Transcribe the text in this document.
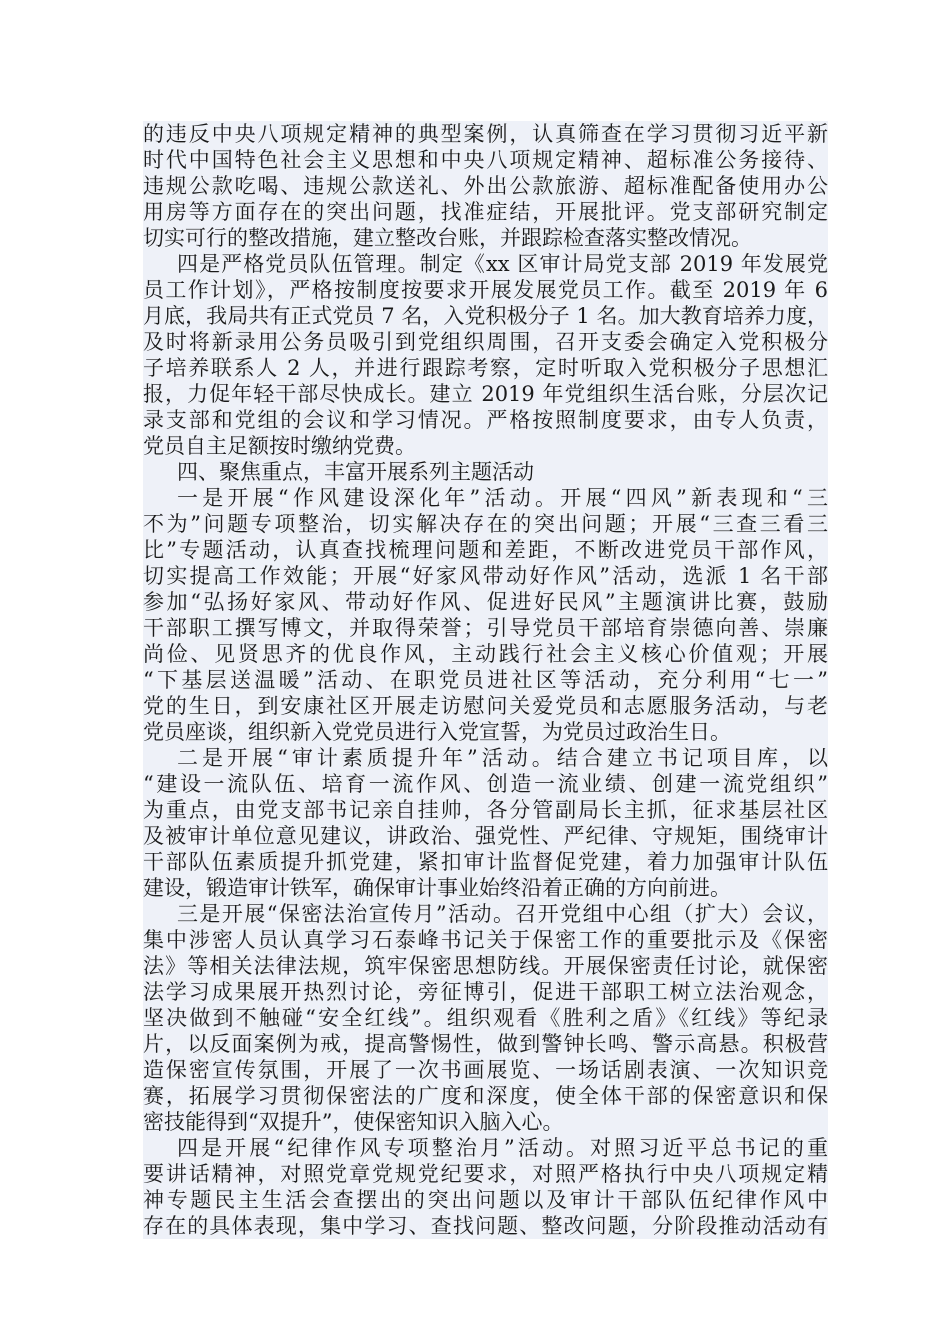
的违反中央八项规定精神的典型案例，认真筛查在学习贯彻习近平新
时代中国特色社会主义思想和中央八项规定精神、超标准公务接待、
违规公款吃喝、违规公款送礼、外出公款旅游、超标准配备使用办公
用房等方面存在的突出问题，找准症结，开展批评。党支部研究制定
切实可行的整改措施，建立整改台账，并跟踪检查落实整改情况。
四是严格党员队伍管理。制定《xx 区审计局党支部 2019 年发展党
员工作计划》，严格按制度按要求开展发展党员工作。截至 2019 年 6
月底，我局共有正式党员 7 名，入党积极分子 1 名。加大教育培养力度，
及时将新录用公务员吸引到党组织周围，召开支委会确定入党积极分
子培养联系人 2 人，并进行跟踪考察，定时听取入党积极分子思想汇
报，力促年轻干部尽快成长。建立 2019 年党组织生活台账，分层次记
录支部和党组的会议和学习情况。严格按照制度要求，由专人负责，
党员自主足额按时缴纳党费。
四、聚焦重点，丰富开展系列主题活动
一是开展“作风建设深化年”活动。开展“四风”新表现和“三
不为”问题专项整治，切实解决存在的突出问题；开展“三查三看三
比”专题活动，认真查找梳理问题和差距，不断改进党员干部作风，
切实提高工作效能；开展“好家风带动好作风”活动，选派 1 名干部
参加“弘扬好家风、带动好作风、促进好民风”主题演讲比赛，鼓励
干部职工撰写博文，并取得荣誉；引导党员干部培育崇德向善、崇廉
尚俭、见贤思齐的优良作风，主动践行社会主义核心价值观；开展
“下基层送温暖”活动、在职党员进社区等活动，充分利用“七一”
党的生日，到安康社区开展走访慰问关爱党员和志愿服务活动，与老
党员座谈，组织新入党党员进行入党宣誓，为党员过政治生日。
二是开展“审计素质提升年”活动。结合建立书记项目库，以
“建设一流队伍、培育一流作风、创造一流业绩、创建一流党组织”
为重点，由党支部书记亲自挂帅，各分管副局长主抓，征求基层社区
及被审计单位意见建议，讲政治、强党性、严纪律、守规矩，围绕审计
干部队伍素质提升抓党建，紧扣审计监督促党建，着力加强审计队伍
建设，锻造审计铁军，确保审计事业始终沿着正确的方向前进。
三是开展“保密法治宣传月”活动。召开党组中心组（扩大）会议，
集中涉密人员认真学习石泰峰书记关于保密工作的重要批示及《保密
法》等相关法律法规，筑牢保密思想防线。开展保密责任讨论，就保密
法学习成果展开热烈讨论，旁征博引，促进干部职工树立法治观念，
坚决做到不触碰“安全红线”。组织观看《胜利之盾》《红线》等纪录
片，以反面案例为戒，提高警惕性，做到警钟长鸣、警示高悬。积极营
造保密宣传氛围，开展了一次书画展览、一场话剧表演、一次知识竞
赛，拓展学习贯彻保密法的广度和深度，使全体干部的保密意识和保
密技能得到“双提升”，使保密知识入脑入心。
四是开展“纪律作风专项整治月”活动。对照习近平总书记的重
要讲话精神，对照党章党规党纪要求，对照严格执行中央八项规定精
神专题民主生活会查摆出的突出问题以及审计干部队伍纪律作风中
存在的具体表现，集中学习、查找问题、整改问题，分阶段推动活动有
